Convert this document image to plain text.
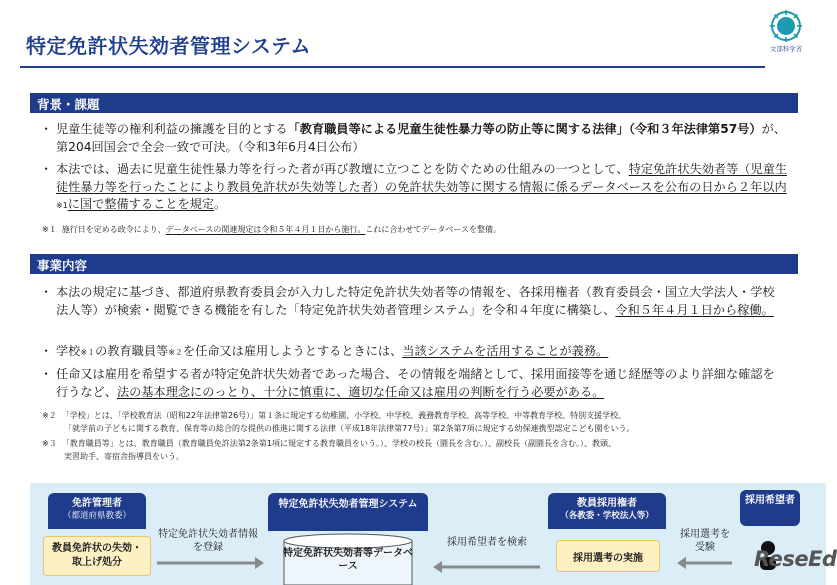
特定免許状失効者管理システム	文部科学省
背景・課題
・ 児童生徒等の権利利益の擁護を目的とする「教育職員等による児童生徒性暴力等の防止等に関する法律」（令和３年法律第57号）が、第204回国会で全会一致で可決。（令和3年6月4日公布）
・ 本法では、過去に児童生徒性暴力等を行った者が再び教壇に立つことを防ぐための仕組みの一つとして、特定免許状失効者等（児童生徒性暴力等を行ったことにより教員免許状が失効等した者）の免許状失効等に関する情報に係るデータベースを公布の日から２年以内※1に国で整備することを規定。
※１ 施行日を定める政令により、データベースの関連規定は令和５年４月１日から施行。これに合わせてデータベースを整備。
事業内容
・ 本法の規定に基づき、都道府県教育委員会が入力した特定免許状失効者等の情報を、各採用権者（教育委員会・国立大学法人・学校法人等）が検索・閲覧できる機能を有した「特定免許状失効者管理システム」を令和４年度に構築し、令和５年４月１日から稼働。
・ 学校※１の教育職員等※２を任命又は雇用しようとするときには、当該システムを活用することが義務。
・ 任命又は雇用を希望する者が特定免許状失効者であった場合、その情報を端緒として、採用面接等を通じ経歴等のより詳細な確認を行うなど、法の基本理念にのっとり、十分に慎重に、適切な任命又は雇用の判断を行う必要がある。
※２ 「学校」とは、「学校教育法（昭和22年法律第26号）」第１条に規定する幼稚園、小学校、中学校、義務教育学校、高等学校、中等教育学校、特別支援学校、
「就学前の子どもに関する教育、保育等の総合的な提供の推進に関する法律（平成18年法律第77号）」第2条第7項に規定する幼保連携型認定こども園をいう。
※３ 「教育職員等」とは、教育職員（教育職員免許法第2条第1項に規定する教育職員をいう。）、学校の校長（園長を含む。）、副校長（副園長を含む。）、教頭、
実習助手、寄宿舎指導員をいう。
免許管理者
（都道府県教委）
教員免許状の失効・取上げ処分
特定免許状失効者情報を登録
特定免許状失効者管理システム
特定免許状失効者等データベース
採用希望者を検索
教員採用権者
（各教委・学校法人等）
採用選考の実施
採用選考を受験
採用希望者
ReseEd
